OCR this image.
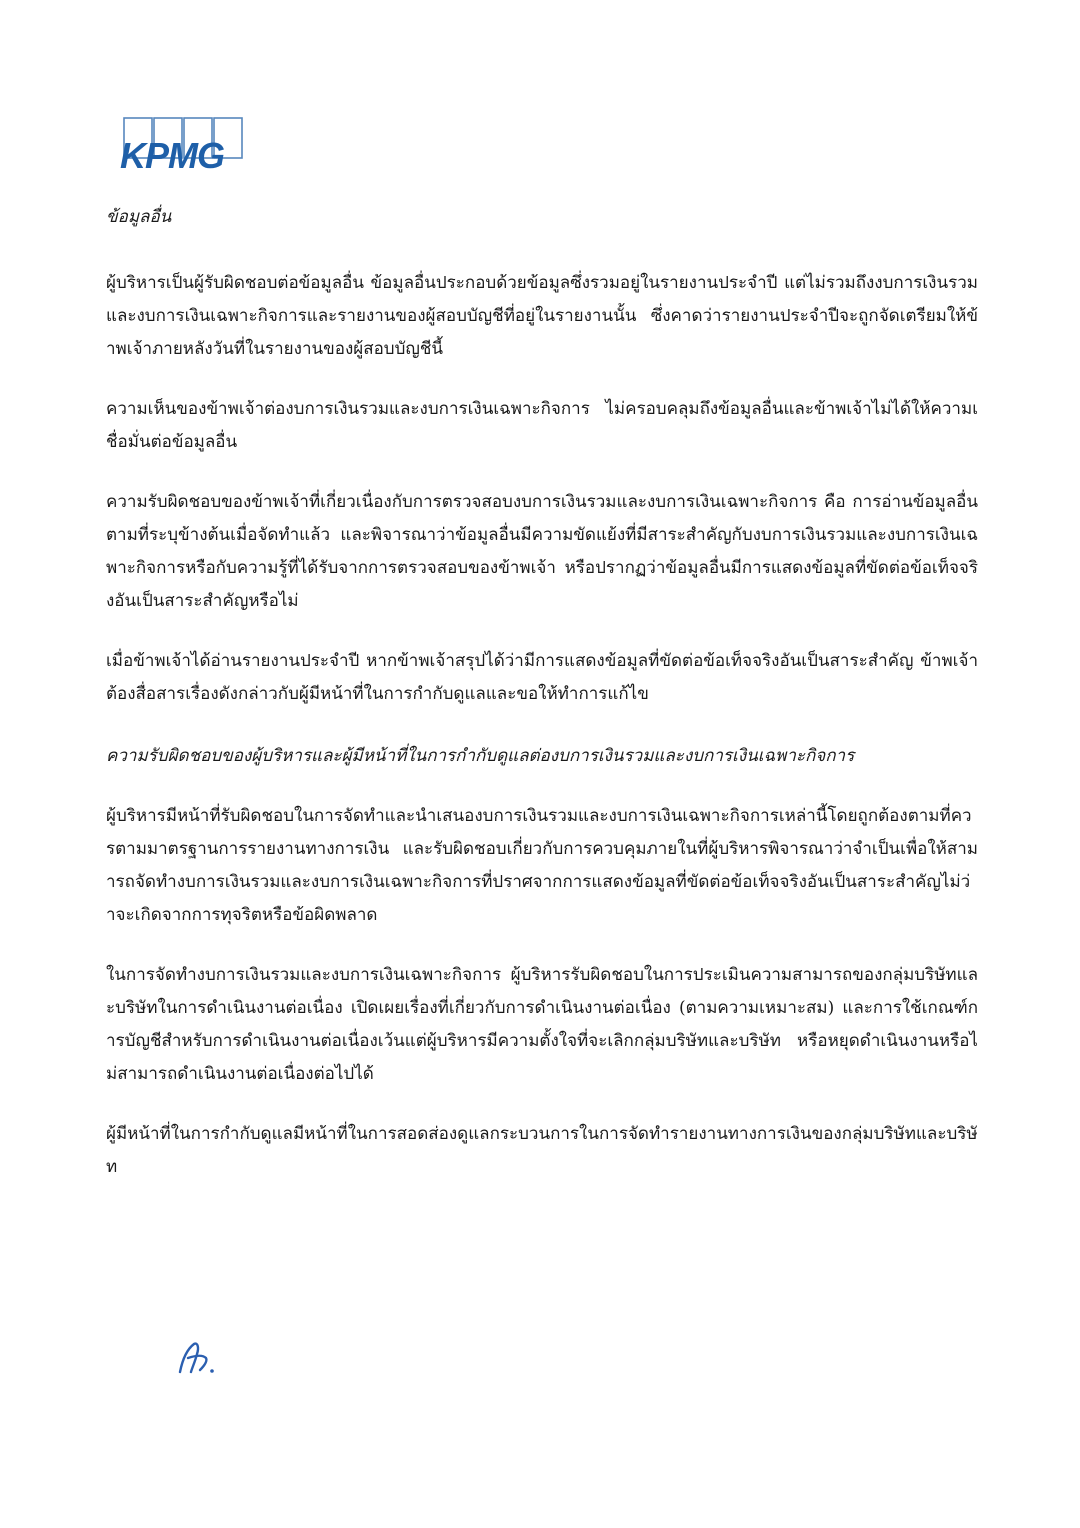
KPMG
ข้อมูลอื่น

ผู้บริหารเป็นผู้รับผิดชอบต่อข้อมูลอื่น ข้อมูลอื่นประกอบด้วยข้อมูลซึ่งรวมอยู่ในรายงานประจำปี แต่ไม่รวมถึงงบการเงินรวมและงบการเงินเฉพาะกิจการและรายงานของผู้สอบบัญชีที่อยู่ในรายงานนั้น ซึ่งคาดว่ารายงานประจำปีจะถูกจัดเตรียมให้ข้าพเจ้าภายหลังวันที่ในรายงานของผู้สอบบัญชีนี้

ความเห็นของข้าพเจ้าต่องบการเงินรวมและงบการเงินเฉพาะกิจการ ไม่ครอบคลุมถึงข้อมูลอื่นและข้าพเจ้าไม่ได้ให้ความเชื่อมั่นต่อข้อมูลอื่น

ความรับผิดชอบของข้าพเจ้าที่เกี่ยวเนื่องกับการตรวจสอบงบการเงินรวมและงบการเงินเฉพาะกิจการ คือ การอ่านข้อมูลอื่นตามที่ระบุข้างต้นเมื่อจัดทำแล้ว และพิจารณาว่าข้อมูลอื่นมีความขัดแย้งที่มีสาระสำคัญกับงบการเงินรวมและงบการเงินเฉพาะกิจการหรือกับความรู้ที่ได้รับจากการตรวจสอบของข้าพเจ้า หรือปรากฏว่าข้อมูลอื่นมีการแสดงข้อมูลที่ขัดต่อข้อเท็จจริงอันเป็นสาระสำคัญหรือไม่

เมื่อข้าพเจ้าได้อ่านรายงานประจำปี หากข้าพเจ้าสรุปได้ว่ามีการแสดงข้อมูลที่ขัดต่อข้อเท็จจริงอันเป็นสาระสำคัญ ข้าพเจ้าต้องสื่อสารเรื่องดังกล่าวกับผู้มีหน้าที่ในการกำกับดูแลและขอให้ทำการแก้ไข

ความรับผิดชอบของผู้บริหารและผู้มีหน้าที่ในการกำกับดูแลต่องบการเงินรวมและงบการเงินเฉพาะกิจการ

ผู้บริหารมีหน้าที่รับผิดชอบในการจัดทำและนำเสนองบการเงินรวมและงบการเงินเฉพาะกิจการเหล่านี้โดยถูกต้องตามที่ควรตามมาตรฐานการรายงานทางการเงิน และรับผิดชอบเกี่ยวกับการควบคุมภายในที่ผู้บริหารพิจารณาว่าจำเป็นเพื่อให้สามารถจัดทำงบการเงินรวมและงบการเงินเฉพาะกิจการที่ปราศจากการแสดงข้อมูลที่ขัดต่อข้อเท็จจริงอันเป็นสาระสำคัญไม่ว่าจะเกิดจากการทุจริตหรือข้อผิดพลาด

ในการจัดทำงบการเงินรวมและงบการเงินเฉพาะกิจการ ผู้บริหารรับผิดชอบในการประเมินความสามารถของกลุ่มบริษัทและบริษัทในการดำเนินงานต่อเนื่อง เปิดเผยเรื่องที่เกี่ยวกับการดำเนินงานต่อเนื่อง (ตามความเหมาะสม) และการใช้เกณฑ์การบัญชีสำหรับการดำเนินงานต่อเนื่องเว้นแต่ผู้บริหารมีความตั้งใจที่จะเลิกกลุ่มบริษัทและบริษัท หรือหยุดดำเนินงานหรือไม่สามารถดำเนินงานต่อเนื่องต่อไปได้

ผู้มีหน้าที่ในการกำกับดูแลมีหน้าที่ในการสอดส่องดูแลกระบวนการในการจัดทำรายงานทางการเงินของกลุ่มบริษัทและบริษัท
